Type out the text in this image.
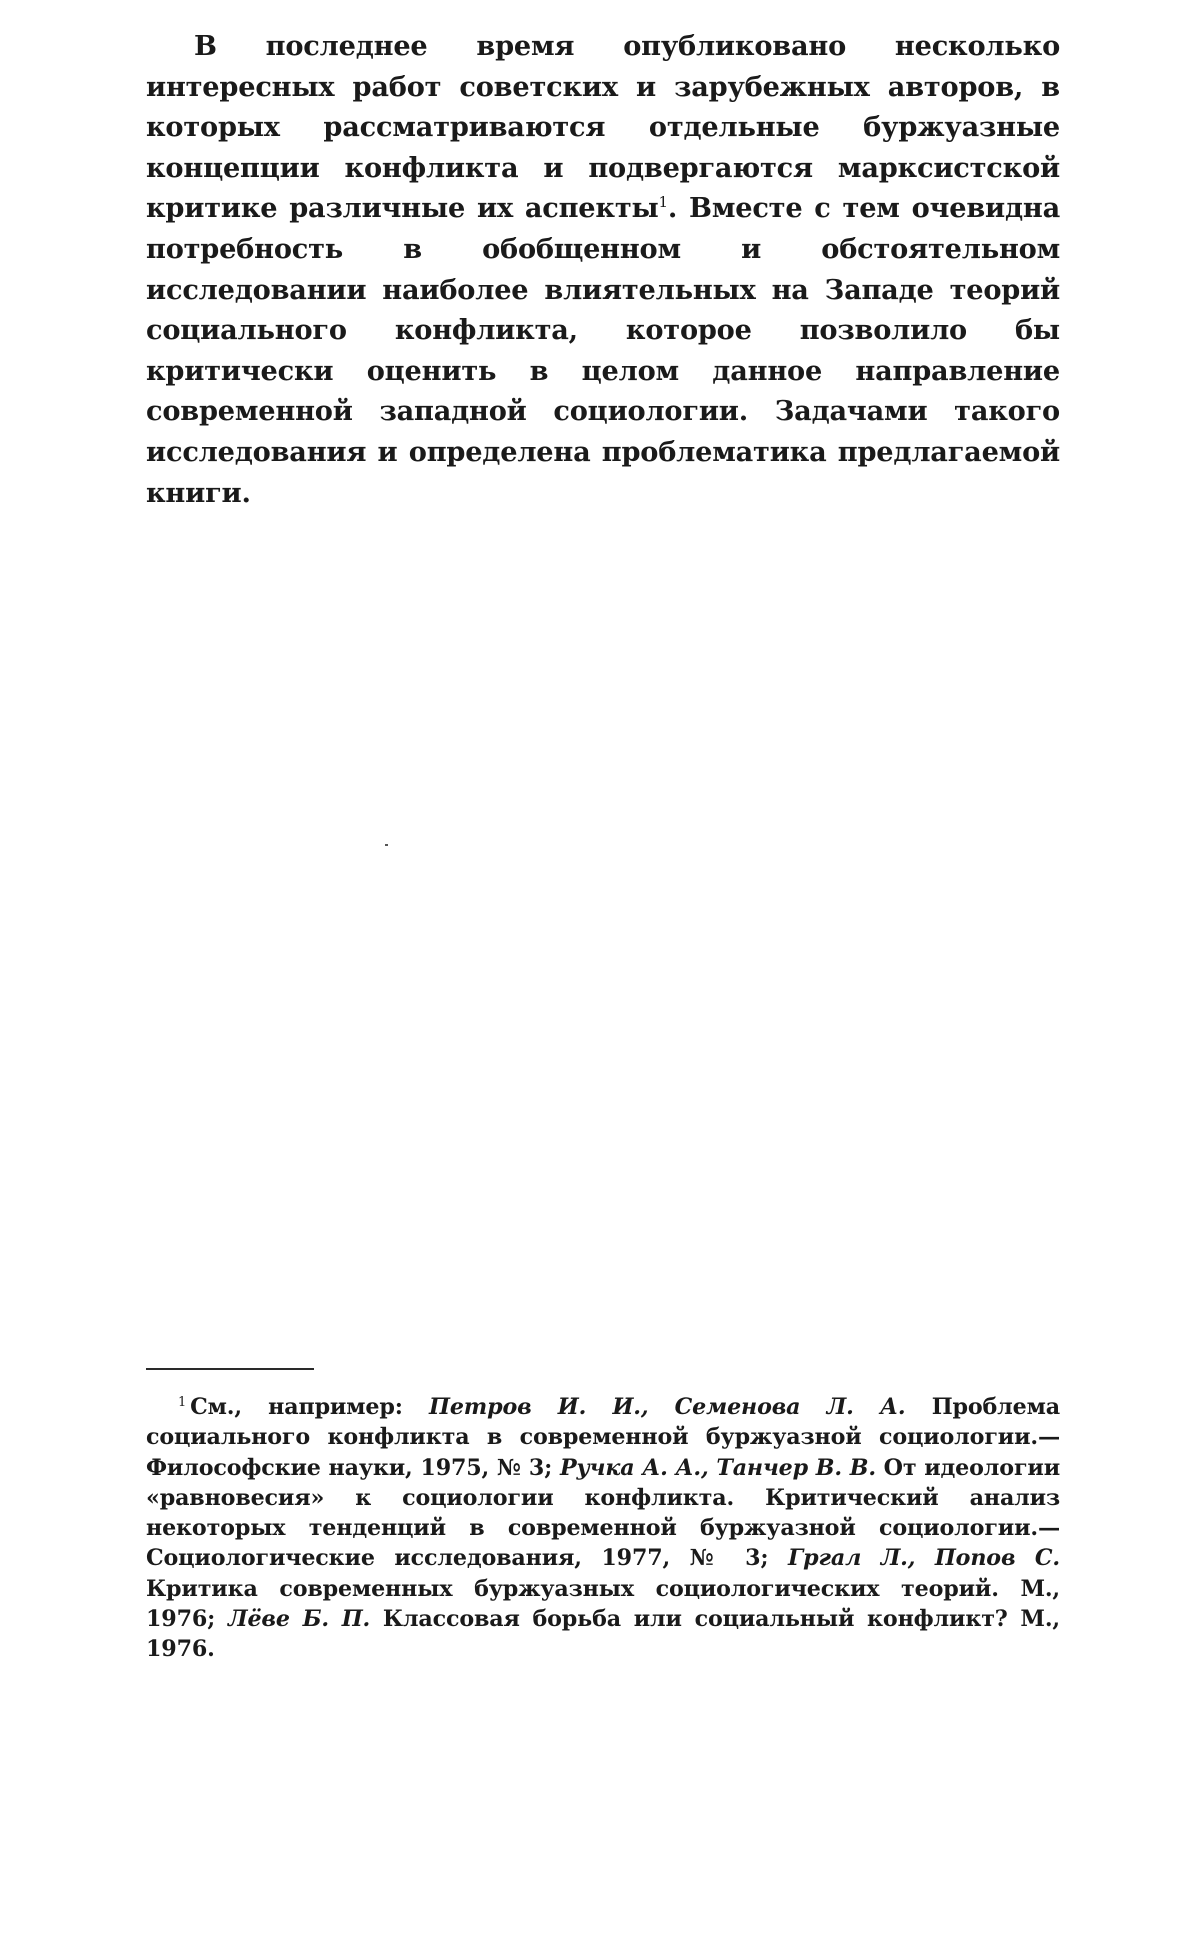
В последнее время опубликовано несколько интересных работ советских и зарубежных авторов, в которых рассматриваются отдельные буржуазные концепции конфликта и подвергаются марксистской критике различные их аспекты$^1$. Вместе с тем очевидна потребность в обобщенном и обстоятельном исследовании наиболее влиятельных на Западе теорий социального конфликта, которое позволило бы критически оценить в целом данное направление современной западной социологии. Задачами такого исследования и определена проблематика предлагаемой книги.

$^1$ См., например: Петров И. И., Семенова Л. А. Проблема социального конфликта в современной буржуазной социологии.— Философские науки, 1975, № 3; Ручка А. А., Танчер В. В. От идеологии «равновесия» к социологии конфликта. Критический анализ некоторых тенденций в современной буржуазной социологии.— Социологические исследования, 1977, № 3; Гргал Л., Попов С. Критика современных буржуазных социологических теорий. М., 1976; Лёве Б. П. Классовая борьба или социальный конфликт? М., 1976.
